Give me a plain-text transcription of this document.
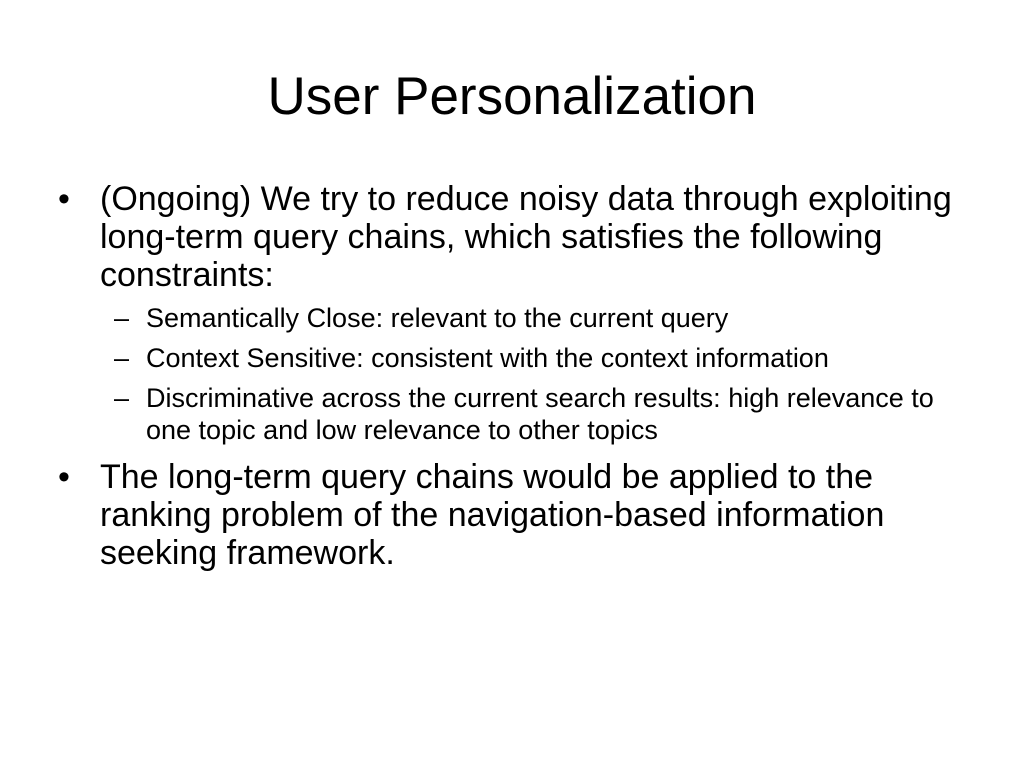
User Personalization
• (Ongoing) We try to reduce noisy data through exploiting long-term query chains, which satisfies the following constraints:
– Semantically Close: relevant to the current query
– Context Sensitive: consistent with the context information
– Discriminative across the current search results: high relevance to one topic and low relevance to other topics
• The long-term query chains would be applied to the ranking problem of the navigation-based information seeking framework.
